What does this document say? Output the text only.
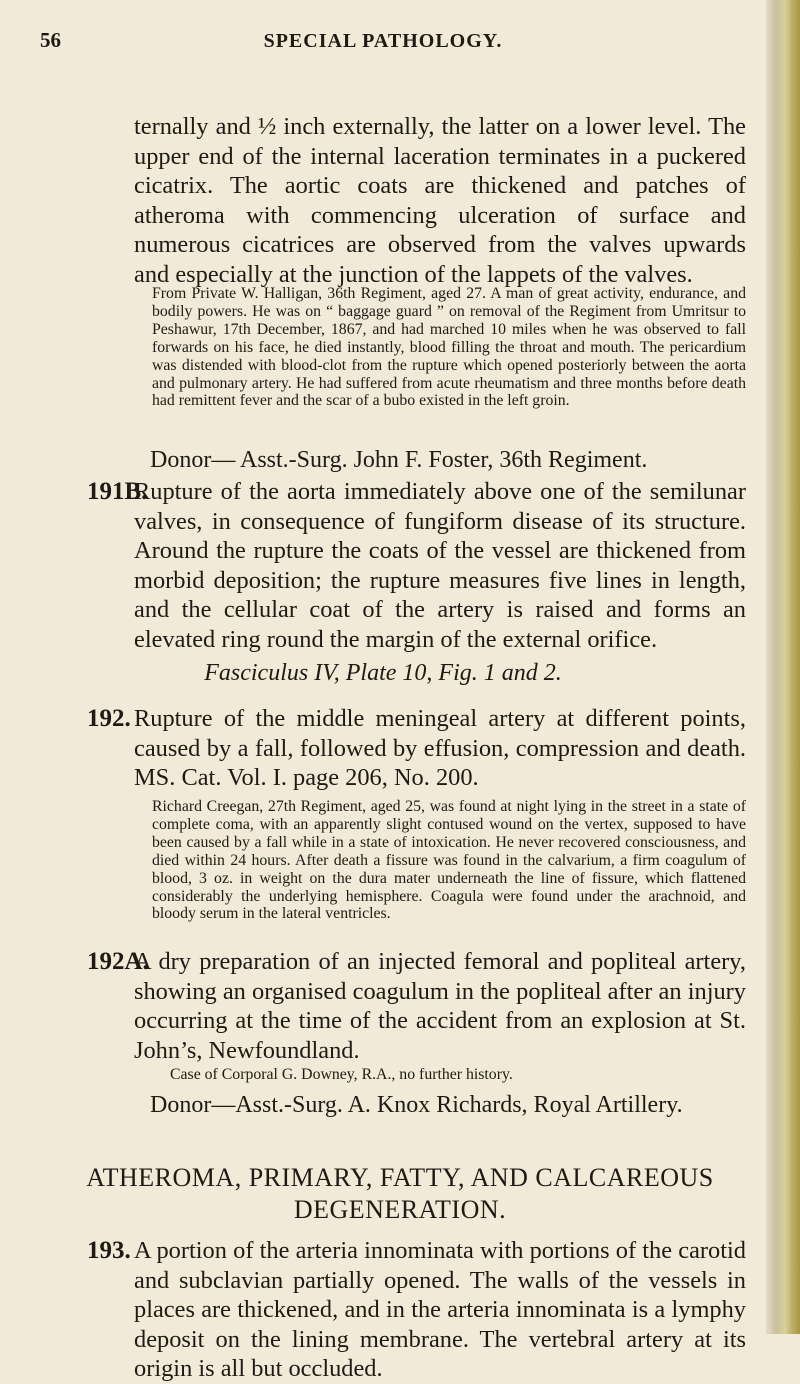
56	SPECIAL PATHOLOGY.

ternally and ½ inch externally, the latter on a lower level. The upper end of the internal laceration terminates in a puckered cicatrix. The aortic coats are thickened and patches of atheroma with commencing ulceration of surface and numerous cicatrices are observed from the valves upwards and especially at the junction of the lappets of the valves.

From Private W. Halligan, 36th Regiment, aged 27. A man of great activity, endurance, and bodily powers. He was on “ baggage guard ” on removal of the Regiment from Umritsur to Peshawur, 17th December, 1867, and had marched 10 miles when he was observed to fall forwards on his face, he died instantly, blood filling the throat and mouth. The pericardium was distended with blood-clot from the rupture which opened posteriorly between the aorta and pulmonary artery. He had suffered from acute rheumatism and three months before death had remittent fever and the scar of a bubo existed in the left groin.

Donor— Asst.-Surg. John F. Foster, 36th Regiment.
191B.

Rupture of the aorta immediately above one of the semilunar valves, in consequence of fungiform disease of its structure. Around the rupture the coats of the vessel are thickened from morbid deposition; the rupture measures five lines in length, and the cellular coat of the artery is raised and forms an elevated ring round the margin of the external orifice.

Fasciculus IV, Plate 10, Fig. 1 and 2.
192. Rupture of the middle meningeal artery at different points, caused by a fall, followed by effusion, compression and death. MS. Cat. Vol. I. page 206, No. 200.

Richard Creegan, 27th Regiment, aged 25, was found at night lying in the street in a state of complete coma, with an apparently slight contused wound on the vertex, supposed to have been caused by a fall while in a state of intoxication. He never recovered consciousness, and died within 24 hours. After death a fissure was found in the calvarium, a firm coagulum of blood, 3 oz. in weight on the dura mater underneath the line of fissure, which flattened considerably the underlying hemisphere. Coagula were found under the arachnoid, and bloody serum in the lateral ventricles.

192A.

A dry preparation of an injected femoral and popliteal artery, showing an organised coagulum in the popliteal after an injury occurring at the time of the accident from an explosion at St. John’s, Newfoundland.

Case of Corporal G. Downey, R.A., no further history.

Donor—Asst.-Surg. A. Knox Richards, Royal Artillery.
ATHEROMA, PRIMARY, FATTY, AND CALCAREOUS
DEGENERATION.
193. A portion of the arteria innominata with portions of the carotid and subclavian partially opened. The walls of the vessels in places are thickened, and in the arteria innominata is a lymphy deposit on the lining membrane. The vertebral artery at its origin is all but occluded.
